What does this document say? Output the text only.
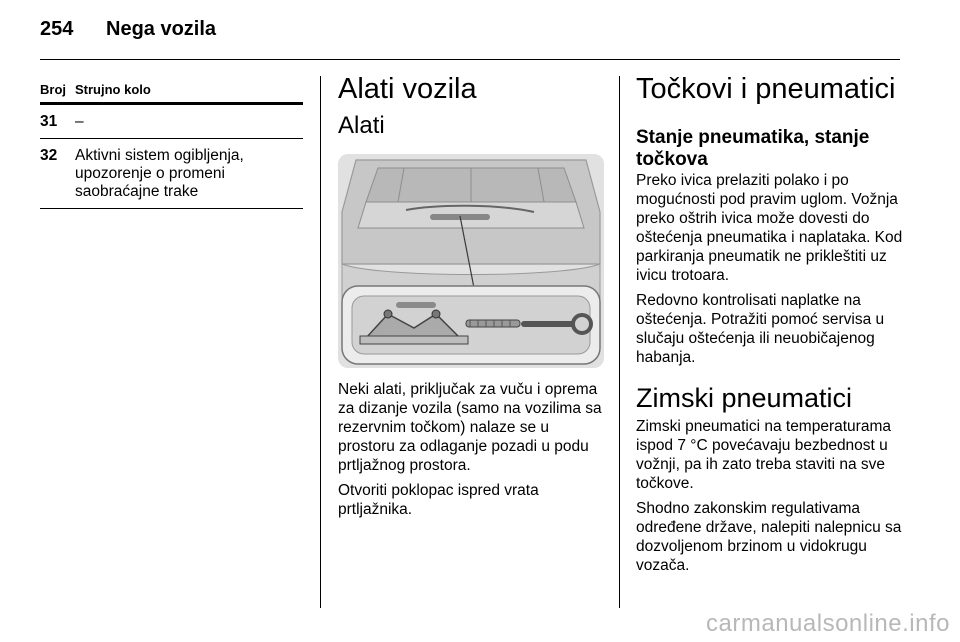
254 Nega vozila
Broj Strujno kolo
31	–
32	Aktivni sistem ogibljenja, upozorenje o promeni saobraćajne trake
Alati vozila
Alati

Neki alati, priključak za vuču i oprema za dizanje vozila (samo na vozilima sa rezervnim točkom) nalaze se u prostoru za odlaganje pozadi u podu prtljažnog prostora.

Otvoriti poklopac ispred vrata prtljažnika.

Točkovi i pneumatici
Stanje pneumatika, stanje točkova

Preko ivica prelaziti polako i po mogućnosti pod pravim uglom. Vožnja preko oštrih ivica može dovesti do oštećenja pneumatika i naplataka. Kod parkiranja pneumatik ne prikleštiti uz ivicu trotoara.

Redovno kontrolisati naplatke na oštećenja. Potražiti pomoć servisa u slučaju oštećenja ili neuobičajenog habanja.

Zimski pneumatici

Zimski pneumatici na temperaturama ispod 7 °C povećavaju bezbednost u vožnji, pa ih zato treba staviti na sve točkove.

Shodno zakonskim regulativama određene države, nalepiti nalepnicu sa dozvoljenom brzinom u vidokrugu vozača.

carmanualsonline.info
